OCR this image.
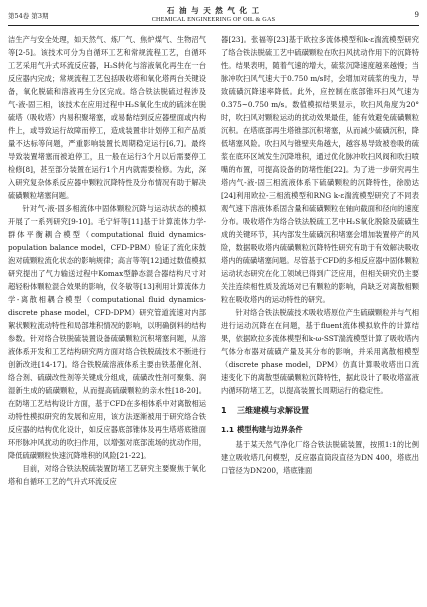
第54卷 第3期
石 油 与 天 然 气 化 工
CHEMICAL ENGINEERING OF OIL & GAS
9

洁生产与安全处理，如天然气、炼厂气、焦炉煤气、生物沼气等[2-5]。该技术可分为自循环工艺和常规流程工艺，自循环工艺采用气升式环流反应器，H₂S转化与溶液氧化再生在一台反应器内完成；常规流程工艺包括吸收塔和氧化塔两台关键设备，氧化脱硫和溶液再生分区完成。络合铁法脱硫过程涉及气-液-固三相，该技术在应用过程中H₂S氧化生成的硫沫在脱硫塔（吸收塔）内易积聚堵塞，或易黏结到反应器壁面或内构件上，或导致运行故障而停工，造成装置非计划停工和产品质量不达标等问题，严重影响装置长周期稳定运行[6,7]。最终导致装置堵塞而被迫停工，且一般在运行3个月以后需要停工检修[8]，甚至部分装置在运行1个月内就需要检修。为此，深入研究复杂体系反应器中颗粒沉降特性及分布情况有助于解决硫磺颗粒堵塞问题。

针对气-液-固多相流体中固体颗粒沉降与运动状态的模拟开展了一系列研究[9-10]。毛宁轩等[11]基于计算流体力学-群体平衡耦合模型（computational fluid dynamics-population balance model，CFD-PBM）验证了流化床鼓泡对硫颗粒流化状态的影响规律；高言等等[12]通过数值模拟研究提出了气力输送过程中Komax型静态混合器结构尺寸对超轻粉体颗粒混合效果的影响，仪冬敏等[13]利用计算流体力学-离散相耦合模型（computational fluid dynamics-discrete phase model，CFD-DPM）研究管道流速对内部絮状颗粒流动特性和局部堆积情况的影响，以明确倒料的结构参数。针对络合铁脱硫装置设备硫磺颗粒沉积堵塞问题，从溶液体系开发和工艺结构研究两方面对络合铁脱硫技术不断进行创新改进[14-17]。络合铁脱硫溶液体系主要由铁基催化剂、络合剂、硫磺改性剂等关键成分组成，硫磺改性剂可聚集、润湿新生成的硫磺颗粒，从而提高硫磺颗粒的亲水性[18-20]。在防堵工艺结构设计方面，基于CFD在多相体系中对离散相运动特性模拟研究的发展和应用，该方法逐渐被用于研究络合铁反应器的结构优化设计，如反应器底部锥体及再生塔塔底锥面环形脉冲风扰动的吹扫作用，以增强对底部流场的扰动作用，降低硫磺颗粒快速沉降堆积的风险[21-22]。

目前，对络合铁法脱硫装置防堵工艺研究主要聚焦于氧化塔和自循环工艺的气升式环流反应

器[23]。张福等[23]基于欧拉多流体模型和k-ε湍流模型研究了络合铁法脱硫工艺中硫磺颗粒在吹扫风扰动作用下的沉降特性。结果表明，随着气速的增大，硫浆沉降速度越来越慢；当脉冲吹扫风气速大于0.750 m/s时，会增加对硫浆的曳力，导致硫磺沉降速率降低。此外，应控制在底部锥环扫风气速为0.375~0.750 m/s。数值模拟结果显示，吹扫风角度为20°时，吹扫风对颗粒运动的扰动效果最佳，能有效避免硫磺颗粒沉积。在塔底部再生塔锥部沉积堵塞，从而减少硫磺沉积，降低堵塞风险。吹扫风与锥壁夹角越大，越容易导致被卷吸的硫浆在底环区域发生沉降堆积，通过优化脉冲吹扫风阀和吹扫喷嘴的布置，可提高设备的防堵性能[22]。为了进一步研究再生塔内气-液-固三相流液体系下硫磺颗粒的沉降特性，徐励达[24]利用欧拉-三相流模型和RNG k-ε湍流模型研究了不同表观气速下溶液体系固含量和硫磺颗粒在轴向截面和径向的速度分布。吸收塔作为络合铁法脱硫工艺中H₂S氧化脱除及硫磺生成的关键环节，其内部发生硫磺沉积堵塞会增加装置停产的风险，数据吸收塔内硫磺颗粒沉降特性研究有助于有效解决吸收塔内的硫磺堵塞问题。尽管基于CFD的多相反应器中固体颗粒运动状态研究在化工领域已得到广泛应用，但相关研究仍主要关注连续相性质及流场对已有颗粒的影响，尚缺乏对离散相颗粒在吸收塔内的运动特性的研究。

针对络合铁法脱硫技术吸收塔原位产生硫磺颗粒并与气相进行运动沉降在在问题，基于fluent流体模拟软件的计算结果，依据欧拉多流体模型和k-ω-SST湍流模型计算了吸收塔内气体分布器对硫磺产量及其分布的影响，并采用离散相模型（discrete phase model，DPM）仿真计算吸收塔出口流速变化下的离散型硫磺颗粒沉降特性，据此设计了吸收塔富液内循环防堵工艺，以提高装置长周期运行的稳定性。

1 三维建模与求解设置
1.1 模型构建与边界条件

基于某天然气净化厂络合铁法脱硫装置，按照1:1的比例建立吸收塔几何模型，反应器直筒段直径为DN 400，塔底出口管径为DN200，塔底锥面
